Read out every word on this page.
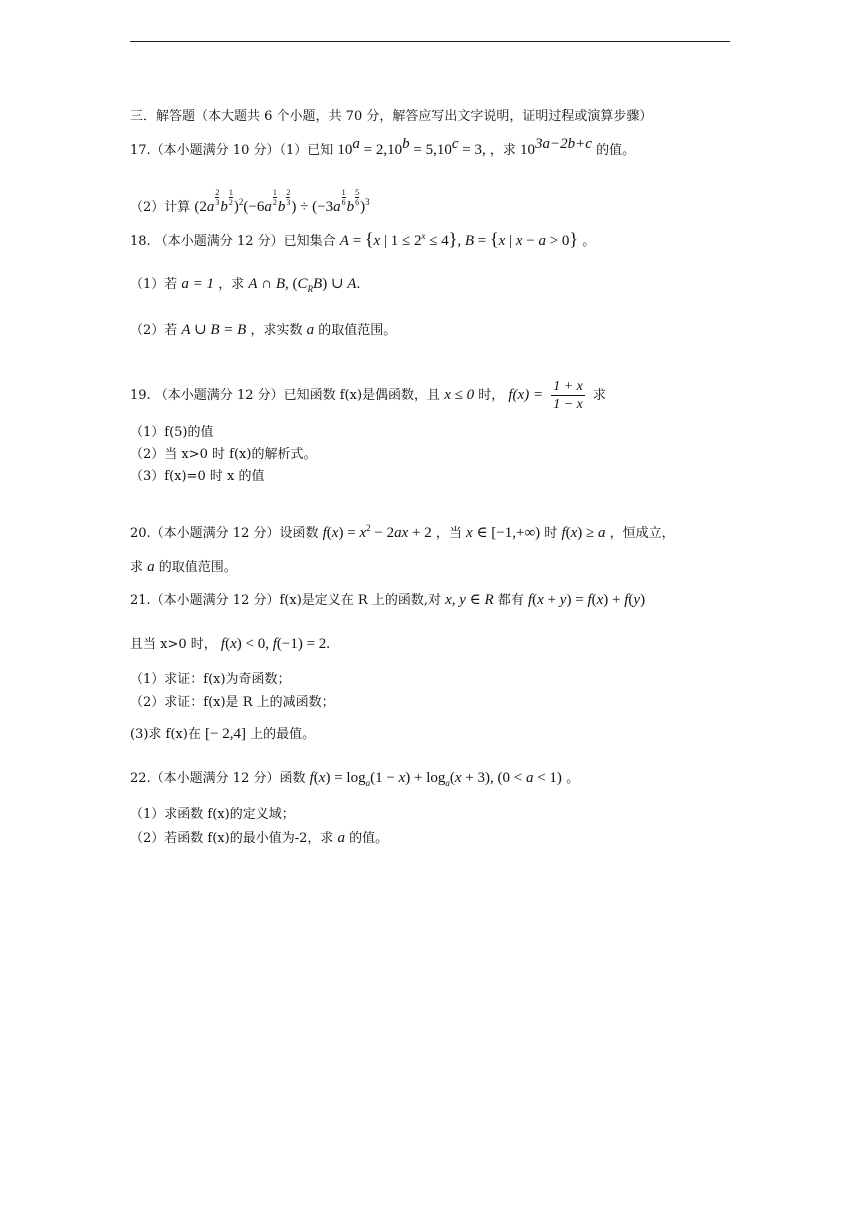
三．解答题（本大题共 6 个小题，共 70 分，解答应写出文字说明，证明过程或演算步骤）
17.（本小题满分 10 分）（1）已知 $10^a = 2,10^b = 5,10^c = 3$, ，求 $10^{3a-2b+c}$ 的值。
（2）计算 ($2a \frac{2}{3}$ b $\frac{1}{2} )^2(-6a \frac{1}{2}$ b $\frac{2}{3}$ ) ÷ ($-3a \frac{1}{6}$ b $\frac{5}{6} )^3$
18. （本小题满分 12 分）已知集合 A = {x | $1 \le 2^x \le 4$}, B = {x | x − a > 0} 。
（1）若 a = 1 ，求 A ∩ B, $(C_RB)$ ∪ A.
（2）若 A ∪ B = B ，求实数 a 的取值范围。
19. （本小题满分 12 分）已知函数 f(x)是偶函数，且 x ≤ 0 时， $f(x) = \frac{1 + x}{1 - x}$ 求
（1）f(5)的值
（2）当 x>0 时 f(x)的解析式。
（3）f(x)=0 时 x 的值
20.（本小题满分 12 分）设函数 $f(x) = x^2 - 2ax + 2$ ，当 x ∈ [−1,+∞) 时 f(x) ≥ a ，恒成立，
求 a 的取值范围。
21.（本小题满分 12 分）f(x)是定义在 R 上的函数,对 x, y ∈ R 都有 f(x + y) = f(x) + f(y)
且当 x>0 时， f(x) < 0, f(−1) = 2.
（1）求证：f(x)为奇函数；
（2）求证：f(x)是 R 上的减函数；
(3)求 f(x)在 [− 2,4] 上的最值。
22.（本小题满分 12 分）函数 $f(x) = \log_a(1 - x) + \log_a(x + 3)$, (0 < a < 1) 。
（1）求函数 f(x)的定义域；
（2）若函数 f(x)的最小值为-2，求 a 的值。
